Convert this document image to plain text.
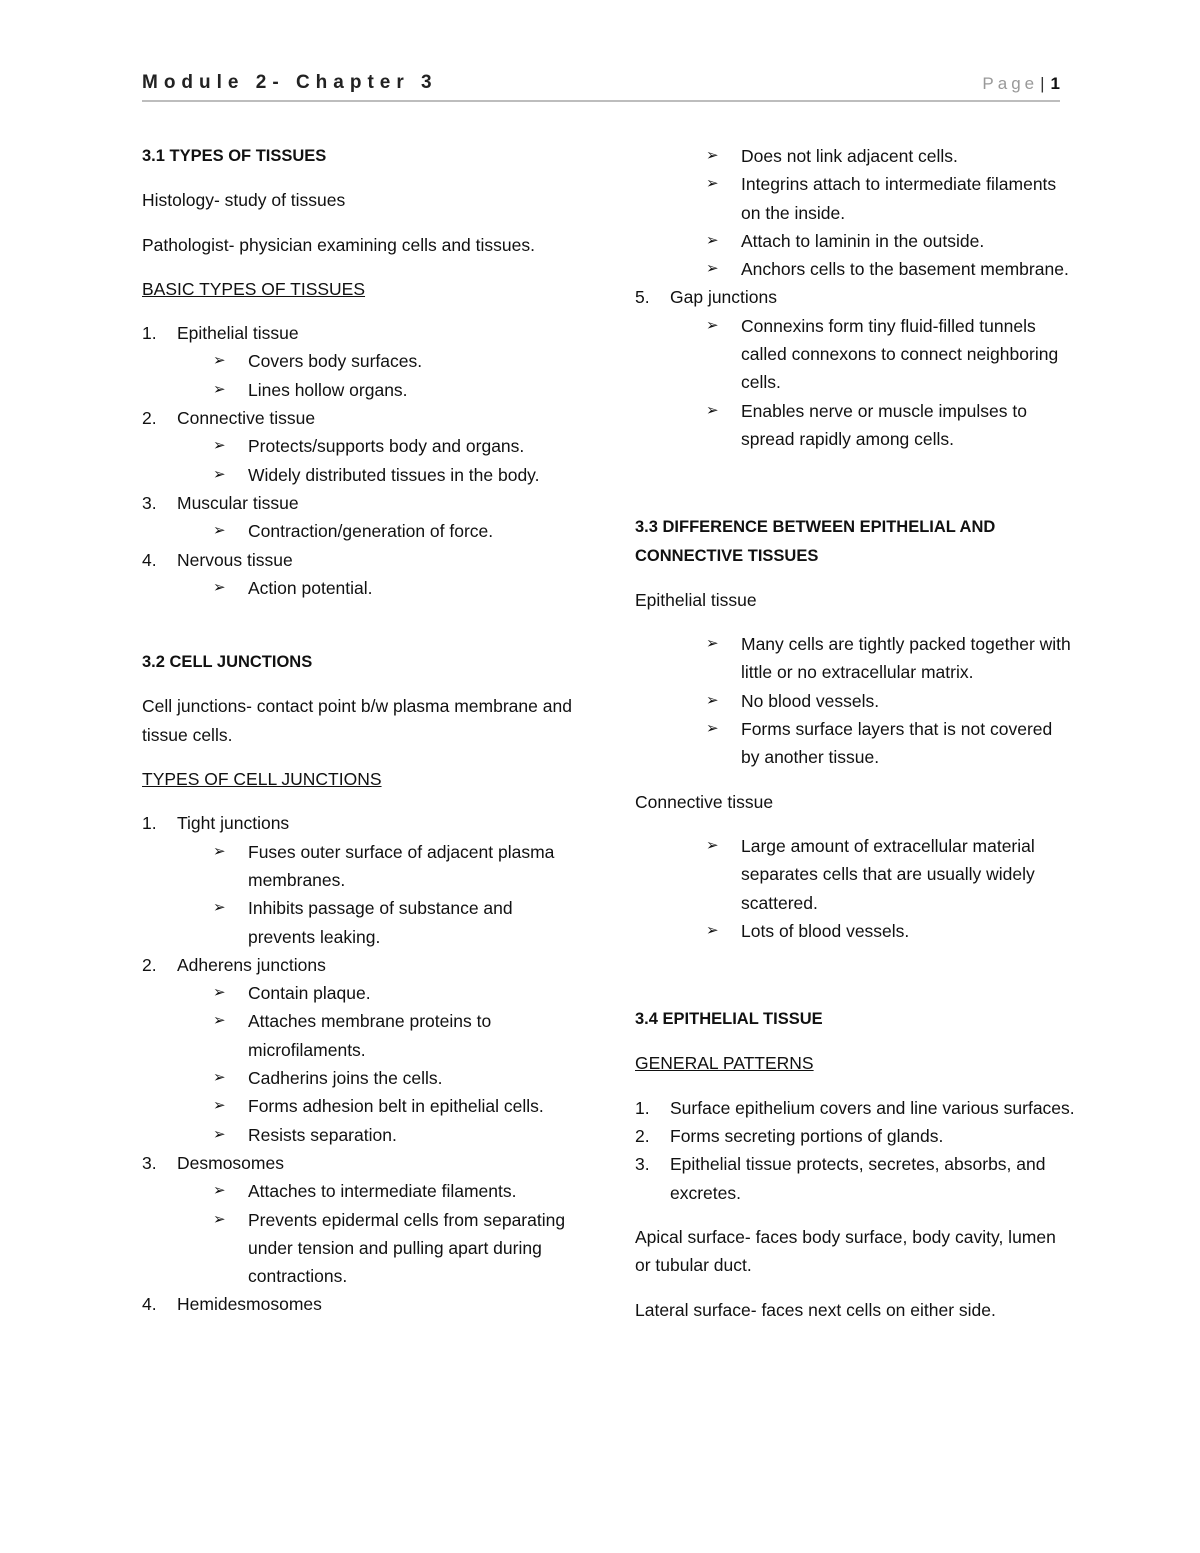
Module 2- Chapter 3	Page | 1
3.1 TYPES OF TISSUES

Histology- study of tissues

Pathologist- physician examining cells and tissues.

BASIC TYPES OF TISSUES
1. Epithelial tissue
➢ Covers body surfaces.
➢ Lines hollow organs.
2. Connective tissue
➢ Protects/supports body and organs.
➢ Widely distributed tissues in the body.
3. Muscular tissue
➢ Contraction/generation of force.
4. Nervous tissue
➢ Action potential.
3.2 CELL JUNCTIONS

Cell junctions- contact point b/w plasma membrane and tissue cells.

TYPES OF CELL JUNCTIONS
1. Tight junctions
➢ Fuses outer surface of adjacent plasma membranes.
➢ Inhibits passage of substance and prevents leaking.
2. Adherens junctions
➢ Contain plaque.
➢ Attaches membrane proteins to microfilaments.
➢ Cadherins joins the cells.
➢ Forms adhesion belt in epithelial cells.
➢ Resists separation.
3. Desmosomes
➢ Attaches to intermediate filaments.
➢ Prevents epidermal cells from separating under tension and pulling apart during contractions.
4. Hemidesmosomes
➢ Does not link adjacent cells.
➢ Integrins attach to intermediate filaments on the inside.
➢ Attach to laminin in the outside.
➢ Anchors cells to the basement membrane.
5. Gap junctions
➢ Connexins form tiny fluid-filled tunnels called connexons to connect neighboring cells.
➢ Enables nerve or muscle impulses to spread rapidly among cells.
3.3 DIFFERENCE BETWEEN EPITHELIAL AND CONNECTIVE TISSUES
Epithelial tissue
➢ Many cells are tightly packed together with little or no extracellular matrix.
➢ No blood vessels.
➢ Forms surface layers that is not covered by another tissue.
Connective tissue
➢ Large amount of extracellular material separates cells that are usually widely scattered.
➢ Lots of blood vessels.
3.4 EPITHELIAL TISSUE
GENERAL PATTERNS
1. Surface epithelium covers and line various surfaces.
2. Forms secreting portions of glands.
3. Epithelial tissue protects, secretes, absorbs, and excretes.

Apical surface- faces body surface, body cavity, lumen or tubular duct.

Lateral surface- faces next cells on either side.
